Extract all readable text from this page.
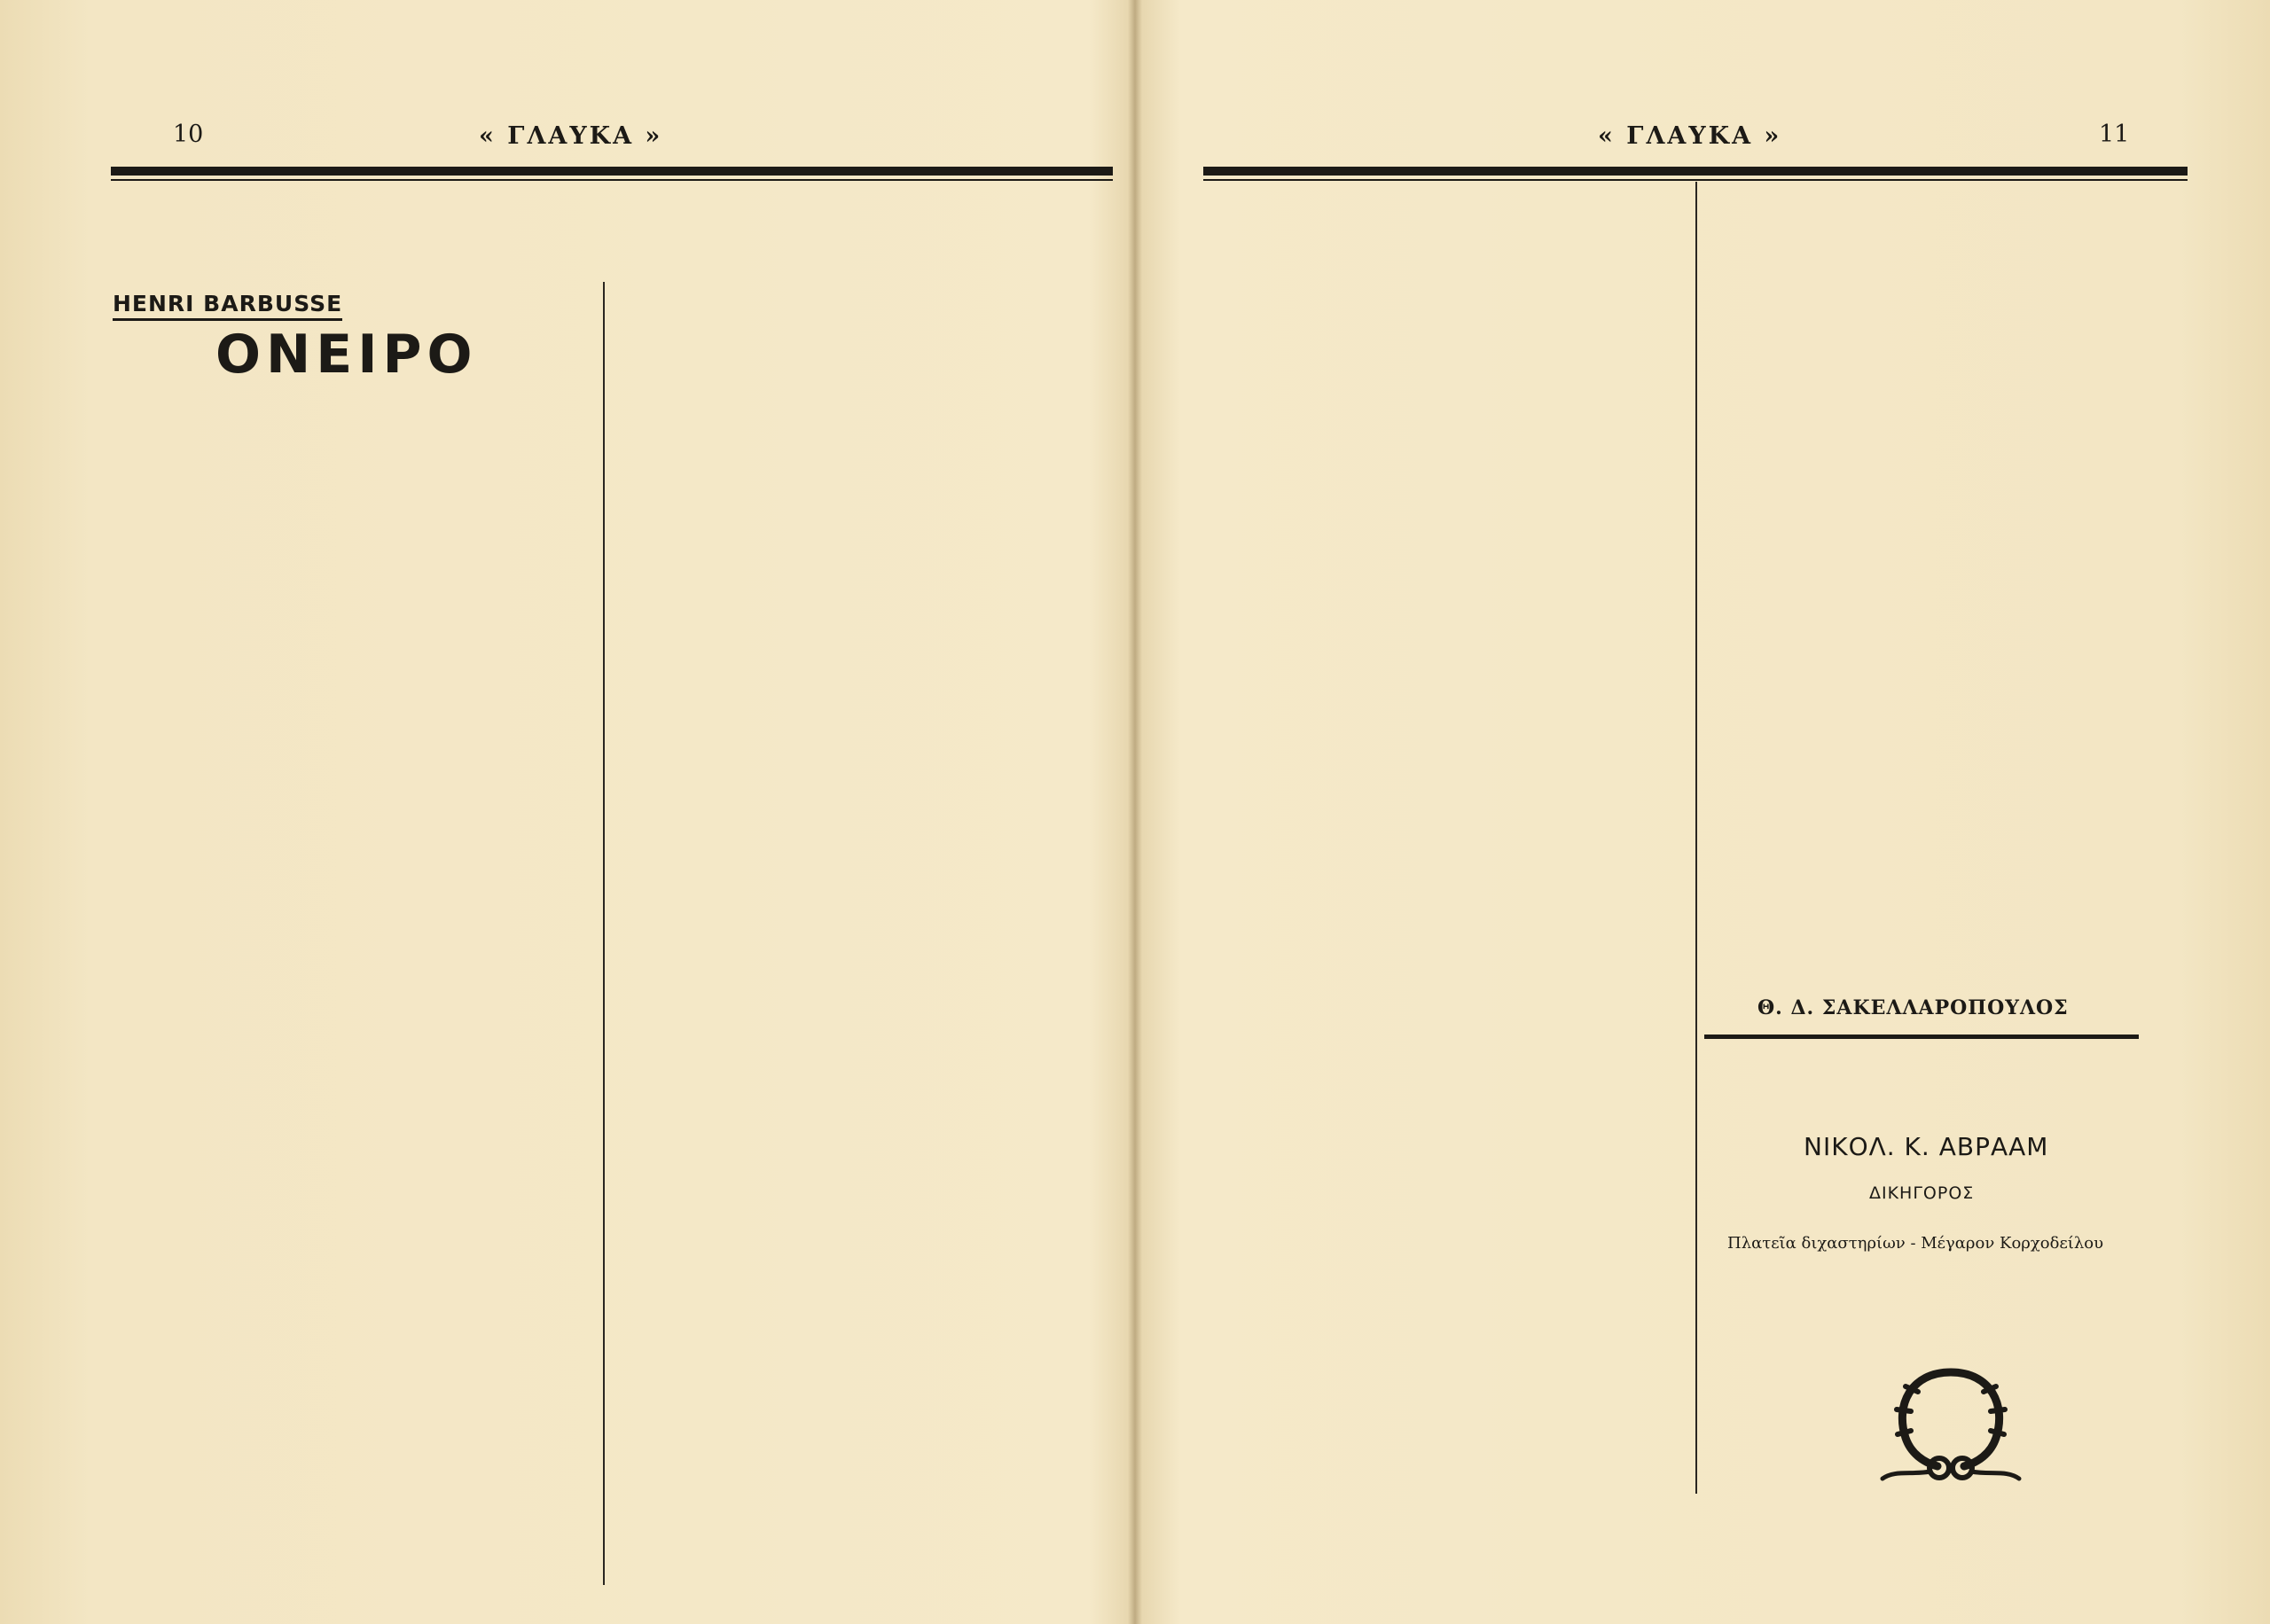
10	« ΓΛΑΥΚΑ »
HENRI BARBUSSE
ΟΝΕΙΡΟ
« ΓΛΑΥΚΑ »	11
Θ. Δ. ΣΑΚΕΛΛΑΡΟΠΟΥΛΟΣ
ΝΙΚΟΛ. Κ. ΑΒΡΑΑΜ
ΔΙΚΗΓΟΡΟΣ
Πλατεῖα διχαστηρίων - Μέγαρον Κορχοδείλου
